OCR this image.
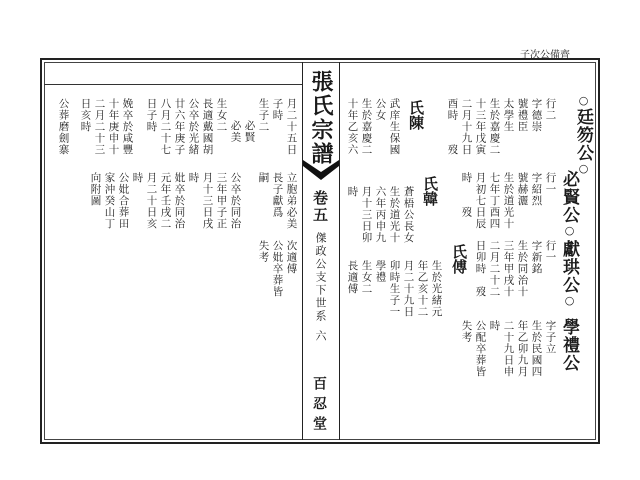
子次公備齊
張氏宗譜
卷五
傑政公支下世系
六
百忍堂
○廷笏公○
必賢公○
獻珙公○
學禮公
行二
字德崇
號禮臣
太學生
生於嘉慶二
十三年戊寅
二月十九日
酉時　　歿
氏陳
武庠生保國
公女
生於嘉慶二
十年乙亥六
行一
字紹烈
號赫灑
生於道光十
七年丁酉四
月初七日辰
時　　歿
氏韓
蒼梧公長女
生於道光十
六年丙申九
月十三日卯
時
行一
字新銘
生於同治十
三年甲戌十
二月二十二
日卯時　歿
氏傅
生於光緒元
年乙亥十二
月二十九日
卯時生子一
學禮
字子立
生於民國四
年乙卯九月
二十九日申
時
公配卒葬皆
失考
月二十五日
子時
生子二
必賢
必美
生女二
長適戴國胡
公卒於光緒
廿六年庚子
八月二十七
日子時
娩卒於咸豐
十年庚申十
二月二十三
日亥時
公葬磨劍寨
立胞弟必美
次適傅
長子獻爲
公妣卒葬皆
嗣
失考
公卒於同治
三年甲子正
月十三日戌
時
妣卒於同治
元年壬戌二
月二十日亥
時
公妣合葬田
家沖癸山丁
向附圖
生女二
長適傅
